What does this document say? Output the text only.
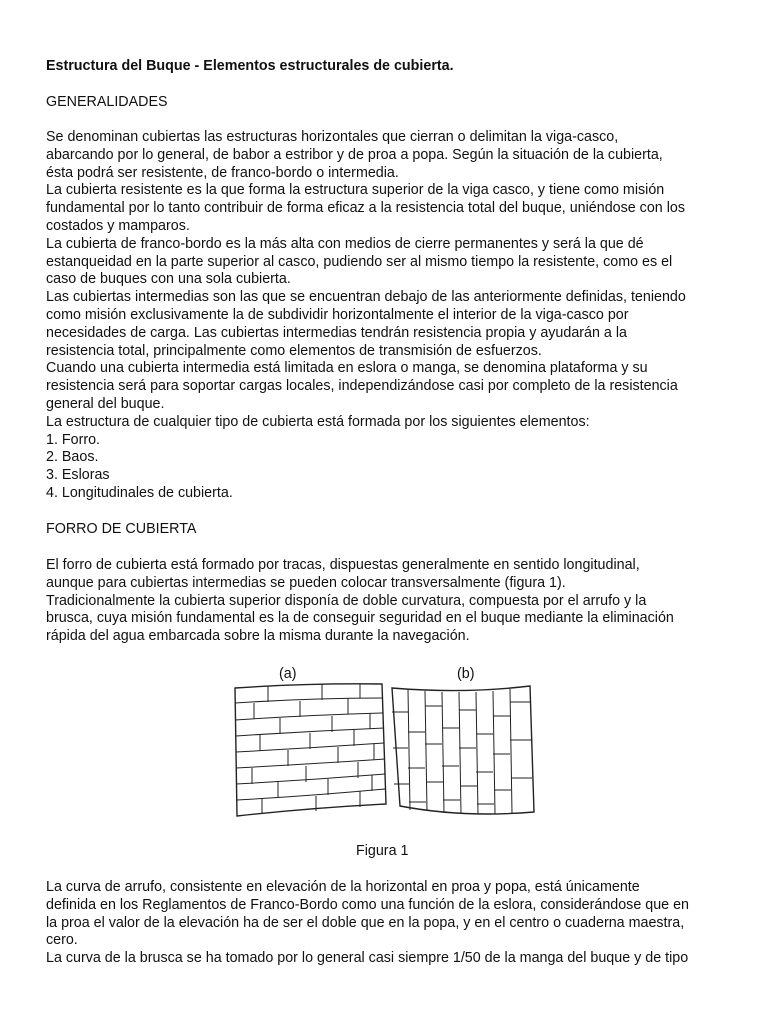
Estructura del Buque - Elementos estructurales de cubierta.

GENERALIDADES

Se denominan cubiertas las estructuras horizontales que cierran o delimitan la viga-casco,
abarcando por lo general, de babor a estribor y de proa a popa. Según la situación de la cubierta,
ésta podrá ser resistente, de franco-bordo o intermedia.
La cubierta resistente es la que forma la estructura superior de la viga casco, y tiene como misión
fundamental por lo tanto contribuir de forma eficaz a la resistencia total del buque, uniéndose con los
costados y mamparos.
La cubierta de franco-bordo es la más alta con medios de cierre permanentes y será la que dé
estanqueidad en la parte superior al casco, pudiendo ser al mismo tiempo la resistente, como es el
caso de buques con una sola cubierta.
Las cubiertas intermedias son las que se encuentran debajo de las anteriormente definidas, teniendo
como misión exclusivamente la de subdividir horizontalmente el interior de la viga-casco por
necesidades de carga. Las cubiertas intermedias tendrán resistencia propia y ayudarán a la
resistencia total, principalmente como elementos de transmisión de esfuerzos.
Cuando una cubierta intermedia está limitada en eslora o manga, se denomina plataforma y su
resistencia será para soportar cargas locales, independizándose casi por completo de la resistencia
general del buque.
La estructura de cualquier tipo de cubierta está formada por los siguientes elementos:
1. Forro.
2. Baos.
3. Esloras
4. Longitudinales de cubierta.

FORRO DE CUBIERTA

El forro de cubierta está formado por tracas, dispuestas generalmente en sentido longitudinal,
aunque para cubiertas intermedias se pueden colocar transversalmente (figura 1).
Tradicionalmente la cubierta superior disponía de doble curvatura, compuesta por el arrufo y la
brusca, cuya misión fundamental es la de conseguir seguridad en el buque mediante la eliminación
rápida del agua embarcada sobre la misma durante la navegación.
(a)	(b)
Figura 1
La curva de arrufo, consistente en elevación de la horizontal en proa y popa, está únicamente
definida en los Reglamentos de Franco-Bordo como una función de la eslora, considerándose que en
la proa el valor de la elevación ha de ser el doble que en la popa, y en el centro o cuaderna maestra,
cero.
La curva de la brusca se ha tomado por lo general casi siempre 1/50 de la manga del buque y de tipo
